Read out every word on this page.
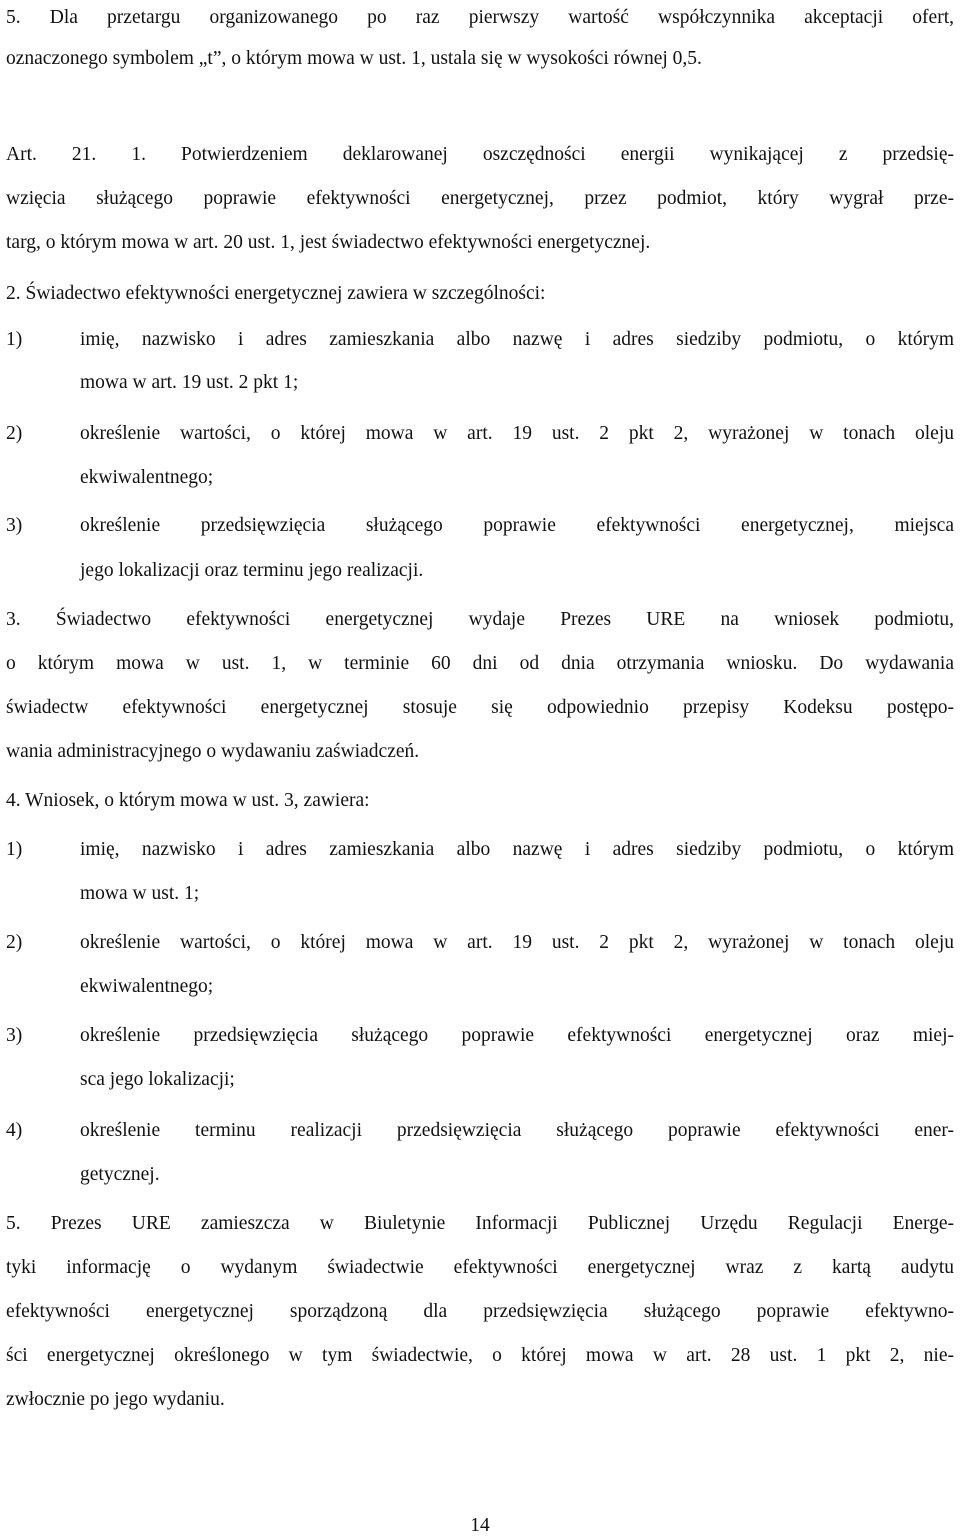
5. Dla przetargu organizowanego po raz pierwszy wartość współczynnika akceptacji ofert,
oznaczonego symbolem „t”, o którym mowa w ust. 1, ustala się w wysokości równej 0,5.
Art. 21. 1. Potwierdzeniem deklarowanej oszczędności energii wynikającej z przedsię-
wzięcia służącego poprawie efektywności energetycznej, przez podmiot, który wygrał prze-
targ, o którym mowa w art. 20 ust. 1, jest świadectwo efektywności energetycznej.
2. Świadectwo efektywności energetycznej zawiera w szczególności:
1)	imię, nazwisko i adres zamieszkania albo nazwę i adres siedziby podmiotu, o którym
mowa w art. 19 ust. 2 pkt 1;
2)	określenie wartości, o której mowa w art. 19 ust. 2 pkt 2, wyrażonej w tonach oleju
ekwiwalentnego;
3)	określenie przedsięwzięcia służącego poprawie efektywności energetycznej, miejsca
jego lokalizacji oraz terminu jego realizacji.
3. Świadectwo efektywności energetycznej wydaje Prezes URE na wniosek podmiotu,
o którym mowa w ust. 1, w terminie 60 dni od dnia otrzymania wniosku. Do wydawania
świadectw efektywności energetycznej stosuje się odpowiednio przepisy Kodeksu postępo-
wania administracyjnego o wydawaniu zaświadczeń.
4. Wniosek, o którym mowa w ust. 3, zawiera:
1)	imię, nazwisko i adres zamieszkania albo nazwę i adres siedziby podmiotu, o którym
mowa w ust. 1;
2)	określenie wartości, o której mowa w art. 19 ust. 2 pkt 2, wyrażonej w tonach oleju
ekwiwalentnego;
3)	określenie przedsięwzięcia służącego poprawie efektywności energetycznej oraz miej-
sca jego lokalizacji;
4)	określenie terminu realizacji przedsięwzięcia służącego poprawie efektywności ener-
getycznej.
5. Prezes URE zamieszcza w Biuletynie Informacji Publicznej Urzędu Regulacji Energe-
tyki informację o wydanym świadectwie efektywności energetycznej wraz z kartą audytu
efektywności energetycznej sporządzoną dla przedsięwzięcia służącego poprawie efektywno-
ści energetycznej określonego w tym świadectwie, o której mowa w art. 28 ust. 1 pkt 2, nie-
zwłocznie po jego wydaniu.
14
